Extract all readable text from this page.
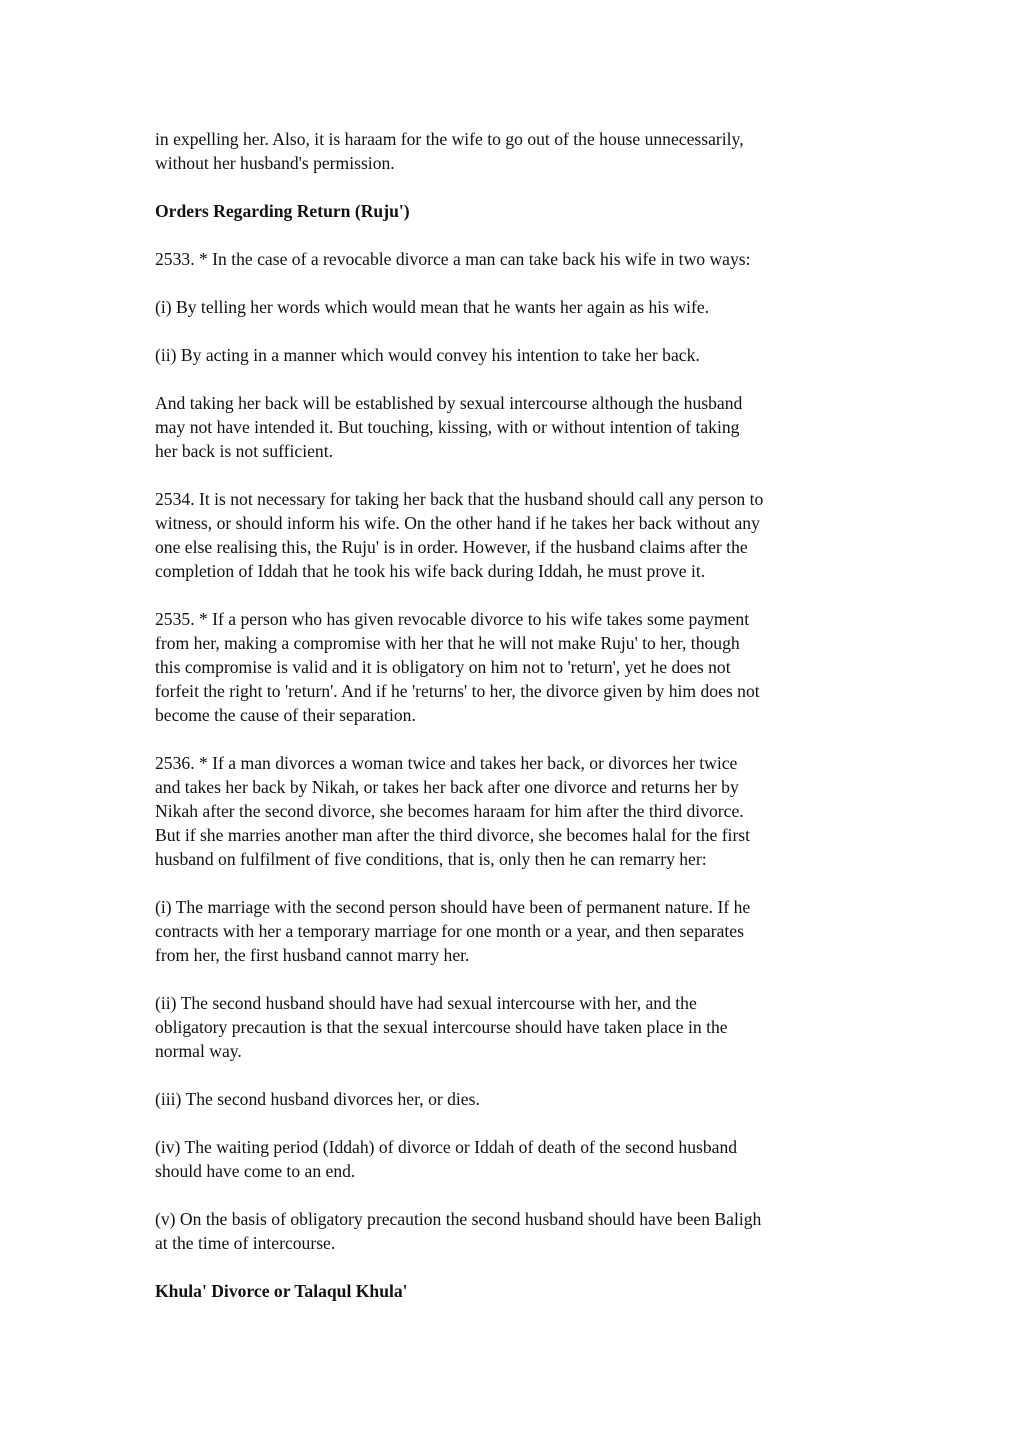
in expelling her. Also, it is haraam for the wife to go out of the house unnecessarily,
without her husband's permission.
Orders Regarding Return (Ruju')
2533. * In the case of a revocable divorce a man can take back his wife in two ways:
(i) By telling her words which would mean that he wants her again as his wife.
(ii) By acting in a manner which would convey his intention to take her back.
And taking her back will be established by sexual intercourse although the husband
may not have intended it. But touching, kissing, with or without intention of taking
her back is not sufficient.
2534. It is not necessary for taking her back that the husband should call any person to
witness, or should inform his wife. On the other hand if he takes her back without any
one else realising this, the Ruju' is in order. However, if the husband claims after the
completion of Iddah that he took his wife back during Iddah, he must prove it.
2535. * If a person who has given revocable divorce to his wife takes some payment
from her, making a compromise with her that he will not make Ruju' to her, though
this compromise is valid and it is obligatory on him not to 'return', yet he does not
forfeit the right to 'return'. And if he 'returns' to her, the divorce given by him does not
become the cause of their separation.
2536. * If a man divorces a woman twice and takes her back, or divorces her twice
and takes her back by Nikah, or takes her back after one divorce and returns her by
Nikah after the second divorce, she becomes haraam for him after the third divorce.
But if she marries another man after the third divorce, she becomes halal for the first
husband on fulfilment of five conditions, that is, only then he can remarry her:
(i) The marriage with the second person should have been of permanent nature. If he
contracts with her a temporary marriage for one month or a year, and then separates
from her, the first husband cannot marry her.
(ii) The second husband should have had sexual intercourse with her, and the
obligatory precaution is that the sexual intercourse should have taken place in the
normal way.
(iii) The second husband divorces her, or dies.
(iv) The waiting period (Iddah) of divorce or Iddah of death of the second husband
should have come to an end.
(v) On the basis of obligatory precaution the second husband should have been Baligh
at the time of intercourse.
Khula' Divorce or Talaqul Khula'
